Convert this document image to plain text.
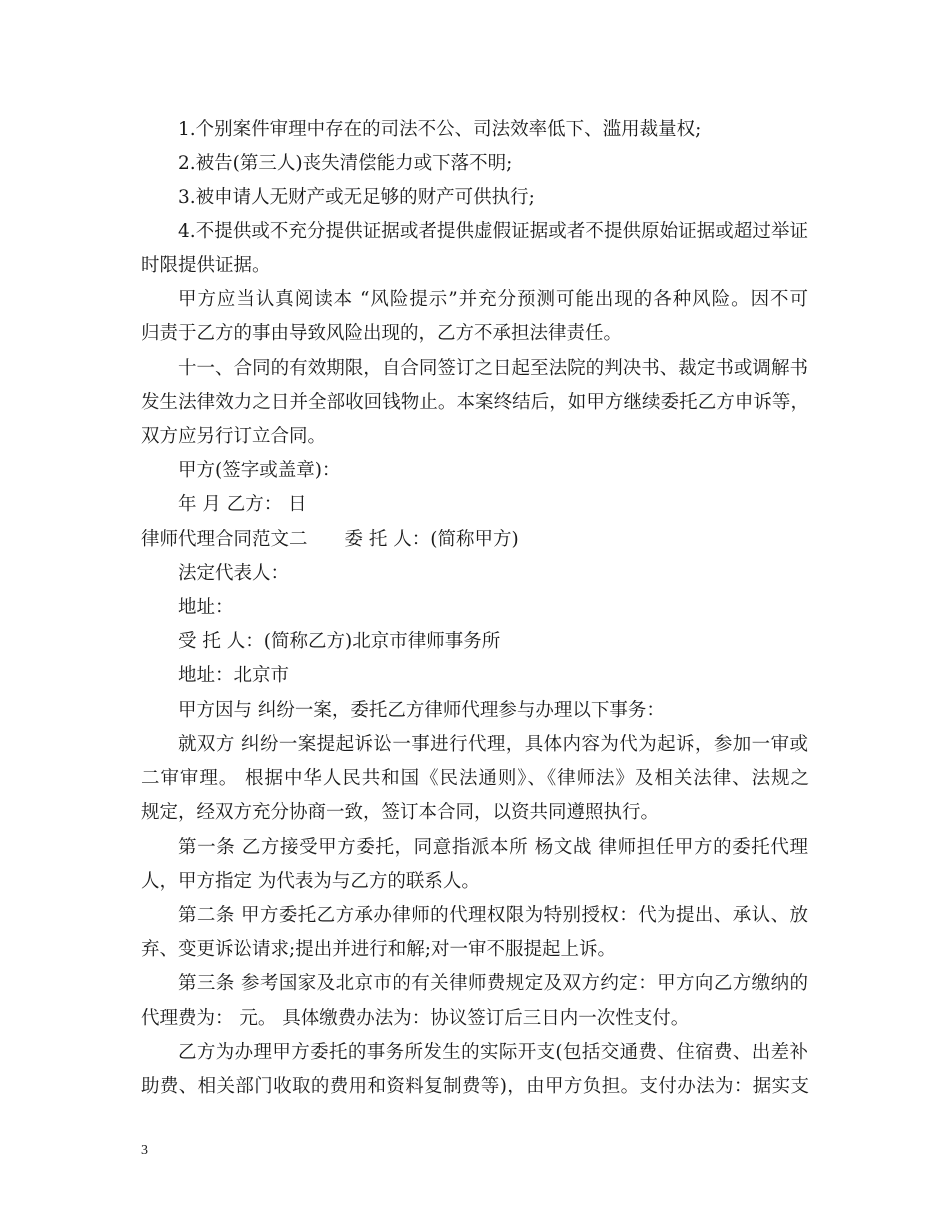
1.个别案件审理中存在的司法不公、司法效率低下、滥用裁量权;
2.被告(第三人)丧失清偿能力或下落不明;
3.被申请人无财产或无足够的财产可供执行;
4.不提供或不充分提供证据或者提供虚假证据或者不提供原始证据或超过举证
时限提供证据。
甲方应当认真阅读本 “风险提示”并充分预测可能出现的各种风险。因不可
归责于乙方的事由导致风险出现的，乙方不承担法律责任。
十一、合同的有效期限，自合同签订之日起至法院的判决书、裁定书或调解书
发生法律效力之日并全部收回钱物止。本案终结后，如甲方继续委托乙方申诉等，
双方应另行订立合同。
甲方(签字或盖章)：
年 月 乙方： 日
律师代理合同范文二　　委 托 人：(简称甲方)
法定代表人：
地址：
受 托 人：(简称乙方)北京市律师事务所
地址：北京市
甲方因与 纠纷一案，委托乙方律师代理参与办理以下事务：
就双方 纠纷一案提起诉讼一事进行代理，具体内容为代为起诉，参加一审或
二审审理。 根据中华人民共和国《民法通则》、《律师法》及相关法律、法规之
规定，经双方充分协商一致，签订本合同，以资共同遵照执行。
第一条 乙方接受甲方委托，同意指派本所 杨文战 律师担任甲方的委托代理
人，甲方指定 为代表为与乙方的联系人。
第二条 甲方委托乙方承办律师的代理权限为特别授权：代为提出、承认、放
弃、变更诉讼请求;提出并进行和解;对一审不服提起上诉。
第三条 参考国家及北京市的有关律师费规定及双方约定：甲方向乙方缴纳的
代理费为： 元。 具体缴费办法为：协议签订后三日内一次性支付。
乙方为办理甲方委托的事务所发生的实际开支(包括交通费、住宿费、出差补
助费、相关部门收取的费用和资料复制费等)，由甲方负担。支付办法为：据实支
3
